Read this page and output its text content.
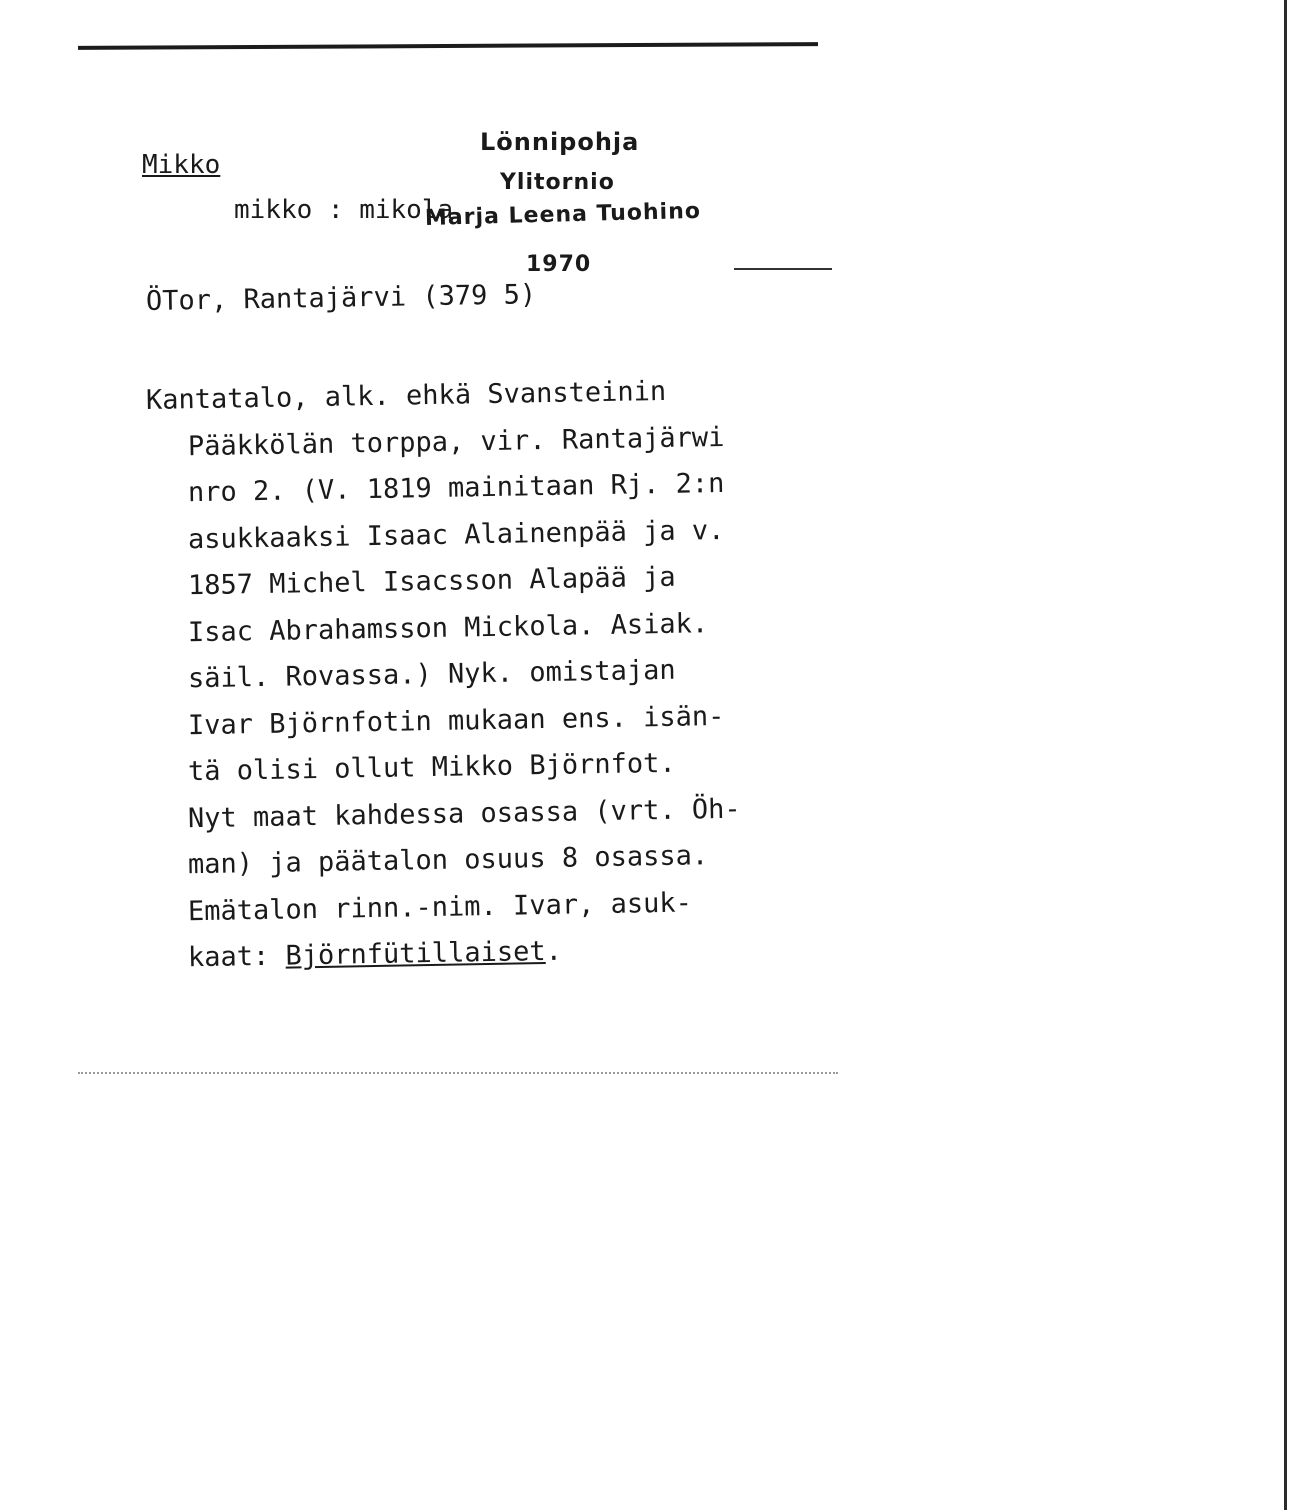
Mikko
Lönnipohja
Ylitornio
mikko : mikola
Marja Leena Tuohino
1970
ÖTor, Rantajärvi (379 5)
Kantatalo, alk. ehkä Svansteinin
Pääkkölän torppa, vir. Rantajärwi
nro 2. (V. 1819 mainitaan Rj. 2:n
asukkaaksi Isaac Alainenpää ja v.
1857 Michel Isacsson Alapää ja
Isac Abrahamsson Mickola. Asiak.
säil. Rovassa.) Nyk. omistajan
Ivar Björnfotin mukaan ens. isän-
tä olisi ollut Mikko Björnfot.
Nyt maat kahdessa osassa (vrt. Öh-
man) ja päätalon osuus 8 osassa.
Emätalon rinn.-nim. Ivar, asuk-
kaat: Björnfütillaiset.
